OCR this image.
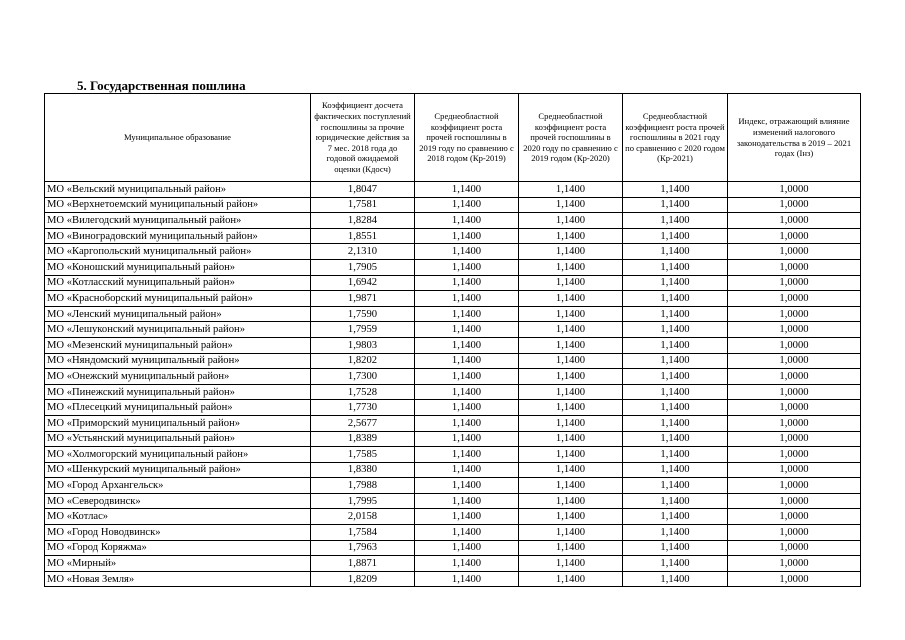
5. Государственная пошлина
Муниципальное образование	Коэффициент досчета фактических поступлений госпошлины за прочие юридические действия за 7 мес. 2018 года до годовой ожидаемой оценки (Кдосч)	Среднеобластной коэффициент роста прочей госпошлины в 2019 году по сравнению с 2018 годом (Кр-2019)	Среднеобластной коэффициент роста прочей госпошлины в 2020 году по сравнению с 2019 годом (Кр-2020)	Среднеобластной коэффициент роста прочей госпошлины в 2021 году по сравнению с 2020 годом (Кр-2021)	Индекс, отражающий влияние изменений налогового законодательства в 2019 – 2021 годах (Iнз)
МО «Вельский муниципальный район»	1,8047	1,1400	1,1400	1,1400	1,0000
МО «Верхнетоемский муниципальный район»	1,7581	1,1400	1,1400	1,1400	1,0000
МО «Вилегодский муниципальный район»	1,8284	1,1400	1,1400	1,1400	1,0000
МО «Виноградовский муниципальный район»	1,8551	1,1400	1,1400	1,1400	1,0000
МО «Каргопольский муниципальный район»	2,1310	1,1400	1,1400	1,1400	1,0000
МО «Коношский муниципальный район»	1,7905	1,1400	1,1400	1,1400	1,0000
МО «Котласский муниципальный район»	1,6942	1,1400	1,1400	1,1400	1,0000
МО «Красноборский муниципальный район»	1,9871	1,1400	1,1400	1,1400	1,0000
МО «Ленский муниципальный район»	1,7590	1,1400	1,1400	1,1400	1,0000
МО «Лешуконский муниципальный район»	1,7959	1,1400	1,1400	1,1400	1,0000
МО «Мезенский муниципальный район»	1,9803	1,1400	1,1400	1,1400	1,0000
МО «Няндомский муниципальный район»	1,8202	1,1400	1,1400	1,1400	1,0000
МО «Онежский муниципальный район»	1,7300	1,1400	1,1400	1,1400	1,0000
МО «Пинежский муниципальный район»	1,7528	1,1400	1,1400	1,1400	1,0000
МО «Плесецкий муниципальный район»	1,7730	1,1400	1,1400	1,1400	1,0000
МО «Приморский муниципальный район»	2,5677	1,1400	1,1400	1,1400	1,0000
МО «Устьянский муниципальный район»	1,8389	1,1400	1,1400	1,1400	1,0000
МО «Холмогорский муниципальный район»	1,7585	1,1400	1,1400	1,1400	1,0000
МО «Шенкурский муниципальный район»	1,8380	1,1400	1,1400	1,1400	1,0000
МО «Город Архангельск»	1,7988	1,1400	1,1400	1,1400	1,0000
МО «Северодвинск»	1,7995	1,1400	1,1400	1,1400	1,0000
МО «Котлас»	2,0158	1,1400	1,1400	1,1400	1,0000
МО «Город Новодвинск»	1,7584	1,1400	1,1400	1,1400	1,0000
МО «Город Коряжма»	1,7963	1,1400	1,1400	1,1400	1,0000
МО «Мирный»	1,8871	1,1400	1,1400	1,1400	1,0000
МО «Новая Земля»	1,8209	1,1400	1,1400	1,1400	1,0000
